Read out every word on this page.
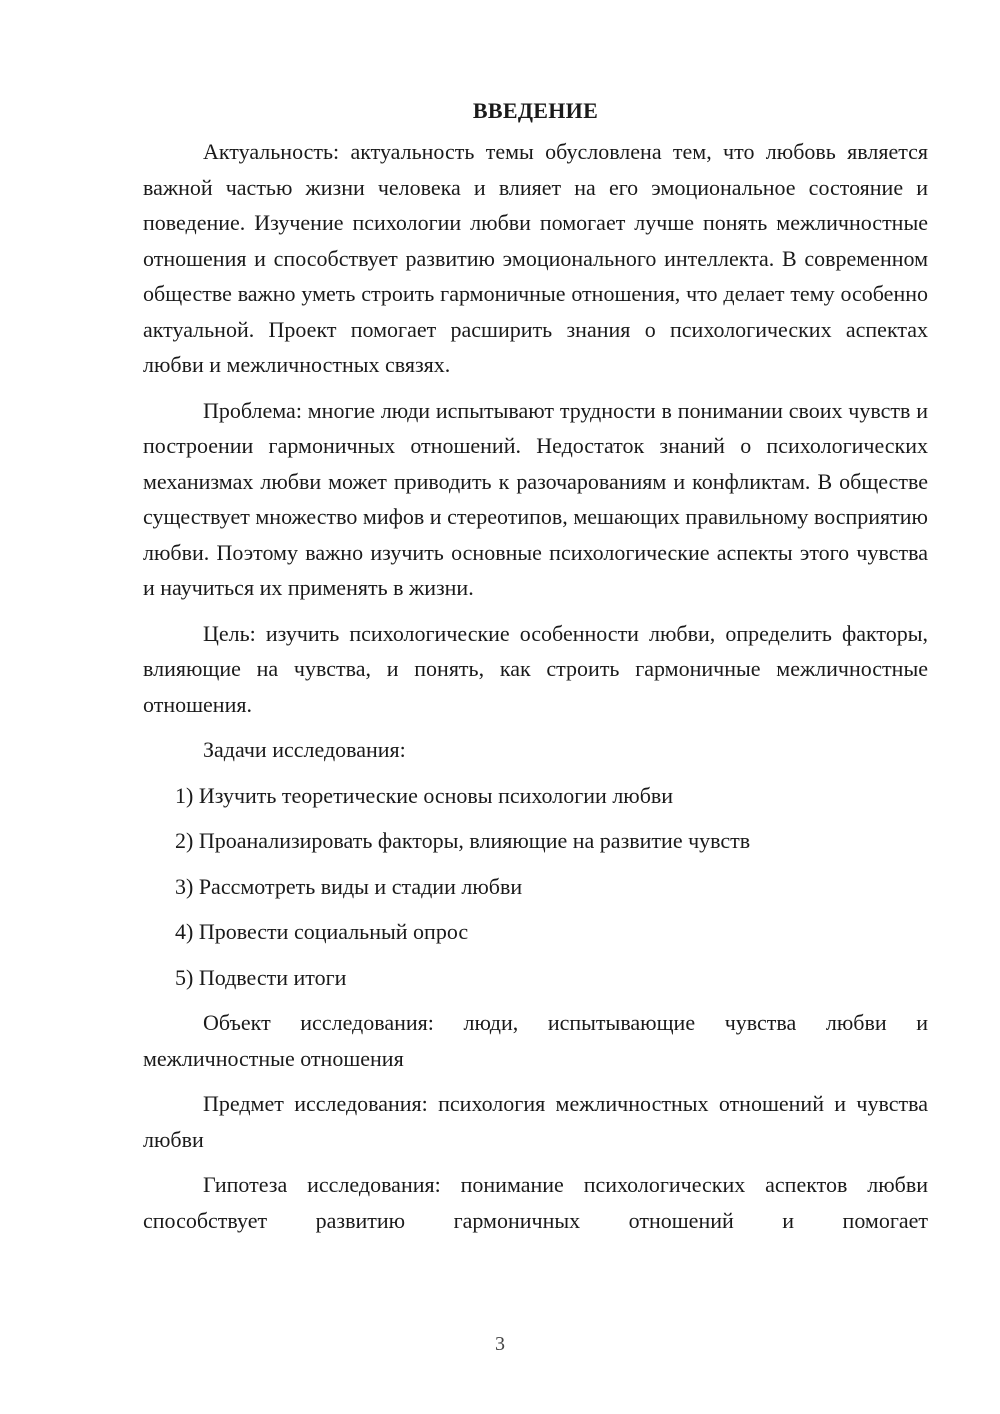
ВВЕДЕНИЕ

Актуальность: актуальность темы обусловлена тем, что любовь является важной частью жизни человека и влияет на его эмоциональное состояние и поведение. Изучение психологии любви помогает лучше понять межличностные отношения и способствует развитию эмоционального интеллекта. В современном обществе важно уметь строить гармоничные отношения, что делает тему особенно актуальной. Проект помогает расширить знания о психологических аспектах любви и межличностных связях.

Проблема: многие люди испытывают трудности в понимании своих чувств и построении гармоничных отношений. Недостаток знаний о психологических механизмах любви может приводить к разочарованиям и конфликтам. В обществе существует множество мифов и стереотипов, мешающих правильному восприятию любви. Поэтому важно изучить основные психологические аспекты этого чувства и научиться их применять в жизни.

Цель: изучить психологические особенности любви, определить факторы, влияющие на чувства, и понять, как строить гармоничные межличностные отношения.

Задачи исследования:

1) Изучить теоретические основы психологии любви
2) Проанализировать факторы, влияющие на развитие чувств
3) Рассмотреть виды и стадии любви
4) Провести социальный опрос
5) Подвести итоги

Объект исследования: люди, испытывающие чувства любви и межличностные отношения

Предмет исследования: психология межличностных отношений и чувства любви

Гипотеза исследования: понимание психологических аспектов любви способствует развитию гармоничных отношений и помогает

3
